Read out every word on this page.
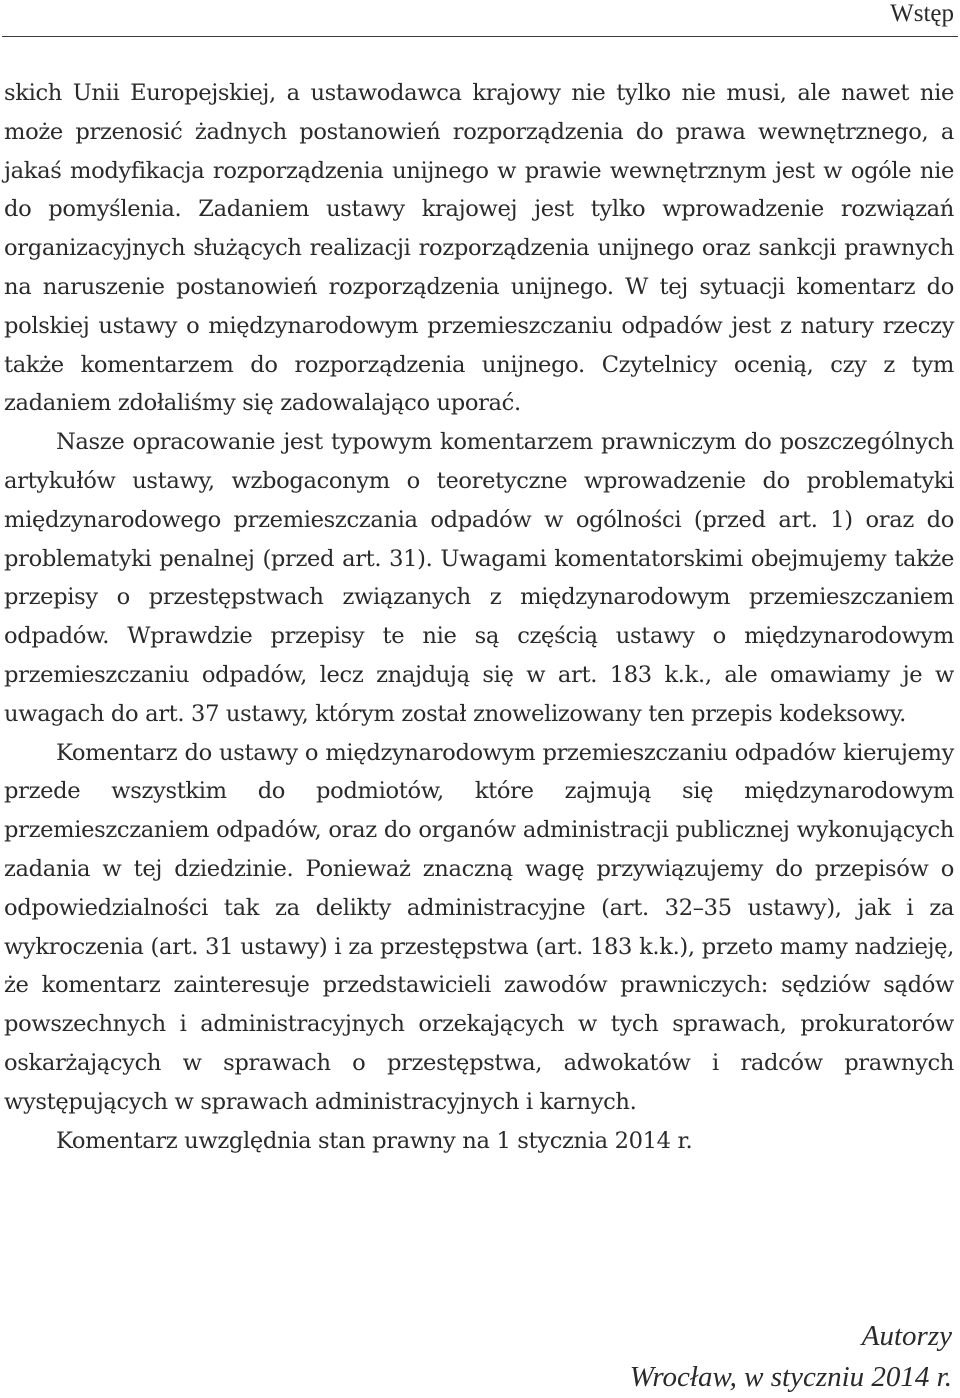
Wstęp

skich Unii Europejskiej, a ustawodawca krajowy nie tylko nie musi, ale nawet nie może przenosić żadnych postanowień rozporządzenia do prawa wewnętrznego, a jakaś modyfikacja rozporządzenia unijnego w prawie wewnętrznym jest w ogóle nie do pomyślenia. Zadaniem ustawy krajowej jest tylko wprowadzenie rozwiązań organizacyjnych służących realizacji rozporządzenia unijnego oraz sankcji prawnych na naruszenie postanowień rozporządzenia unijnego. W tej sytuacji komentarz do polskiej ustawy o międzynarodowym przemieszczaniu odpadów jest z natury rzeczy także komentarzem do rozporządzenia unijnego. Czytelnicy ocenią, czy z tym zadaniem zdołaliśmy się zadowalająco uporać.

Nasze opracowanie jest typowym komentarzem prawniczym do poszczególnych artykułów ustawy, wzbogaconym o teoretyczne wprowadzenie do problematyki międzynarodowego przemieszczania odpadów w ogólności (przed art. 1) oraz do problematyki penalnej (przed art. 31). Uwagami komentatorskimi obejmujemy także przepisy o przestępstwach związanych z międzynarodowym przemieszczaniem odpadów. Wprawdzie przepisy te nie są częścią ustawy o międzynarodowym przemieszczaniu odpadów, lecz znajdują się w art. 183 k.k., ale omawiamy je w uwagach do art. 37 ustawy, którym został znowelizowany ten przepis kodeksowy.

Komentarz do ustawy o międzynarodowym przemieszczaniu odpadów kierujemy przede wszystkim do podmiotów, które zajmują się międzynarodowym przemieszczaniem odpadów, oraz do organów administracji publicznej wykonujących zadania w tej dziedzinie. Ponieważ znaczną wagę przywiązujemy do przepisów o odpowiedzialności tak za delikty administracyjne (art. 32–35 ustawy), jak i za wykroczenia (art. 31 ustawy) i za przestępstwa (art. 183 k.k.), przeto mamy nadzieję, że komentarz zainteresuje przedstawicieli zawodów prawniczych: sędziów sądów powszechnych i administracyjnych orzekających w tych sprawach, prokuratorów oskarżających w sprawach o przestępstwa, adwokatów i radców prawnych występujących w sprawach administracyjnych i karnych.

Komentarz uwzględnia stan prawny na 1 stycznia 2014 r.

Autorzy
Wrocław, w styczniu 2014 r.
